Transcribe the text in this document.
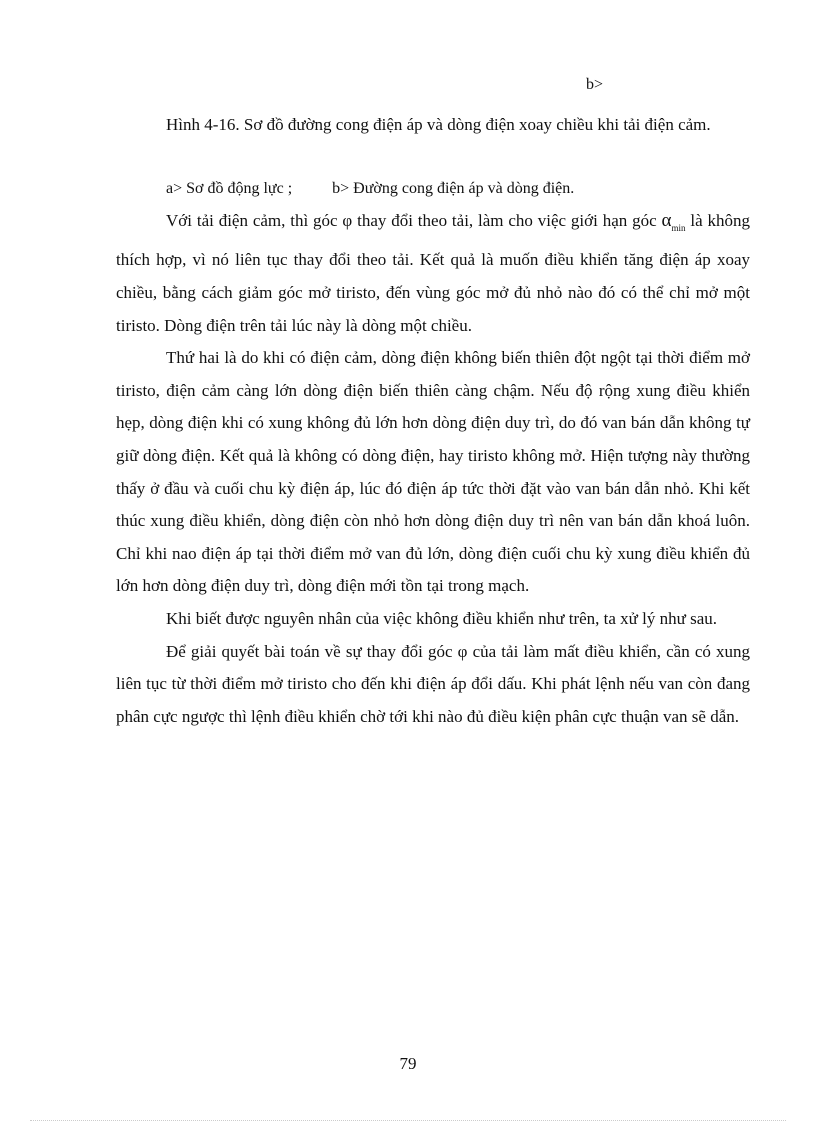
b>
Hình 4-16. Sơ đồ đường cong điện áp và dòng điện xoay chiều khi tải điện cảm.
a> Sơ đồ động lực ;          b> Đường cong điện áp và dòng điện.

Với tải điện cảm, thì góc φ thay đổi theo tải, làm cho việc giới hạn góc $\alpha_{min}$ là không thích hợp, vì nó liên tục thay đổi theo tải. Kết quả là muốn điều khiển tăng điện áp xoay chiều, bằng cách giảm góc mở tiristo, đến vùng góc mở đủ nhỏ nào đó có thể chỉ mở một tiristo. Dòng điện trên tải lúc này là dòng một chiều.

Thứ hai là do khi có điện cảm, dòng điện không biến thiên đột ngột tại thời điểm mở tiristo, điện cảm càng lớn dòng điện biến thiên càng chậm. Nếu độ rộng xung điều khiển hẹp, dòng điện khi có xung không đủ lớn hơn dòng điện duy trì, do đó van bán dẫn không tự giữ dòng điện. Kết quả là không có dòng điện, hay tiristo không mở. Hiện tượng này thường thấy ở đầu và cuối chu kỳ điện áp, lúc đó điện áp tức thời đặt vào van bán dẫn nhỏ. Khi kết thúc xung điều khiển, dòng điện còn nhỏ hơn dòng điện duy trì nên van bán dẫn khoá luôn. Chỉ khi nao điện áp tại thời điểm mở van đủ lớn, dòng điện cuối chu kỳ xung điều khiển đủ lớn hơn dòng điện duy trì, dòng điện mới tồn tại trong mạch.

Khi biết được nguyên nhân của việc không điều khiển như trên, ta xử lý như sau.

Để giải quyết bài toán về sự thay đổi góc φ của tải làm mất điều khiển, cần có xung liên tục từ thời điểm mở tiristo cho đến khi điện áp đổi dấu. Khi phát lệnh nếu van còn đang phân cực ngược thì lệnh điều khiển chờ tới khi nào đủ điều kiện phân cực thuận van sẽ dẫn.

79
